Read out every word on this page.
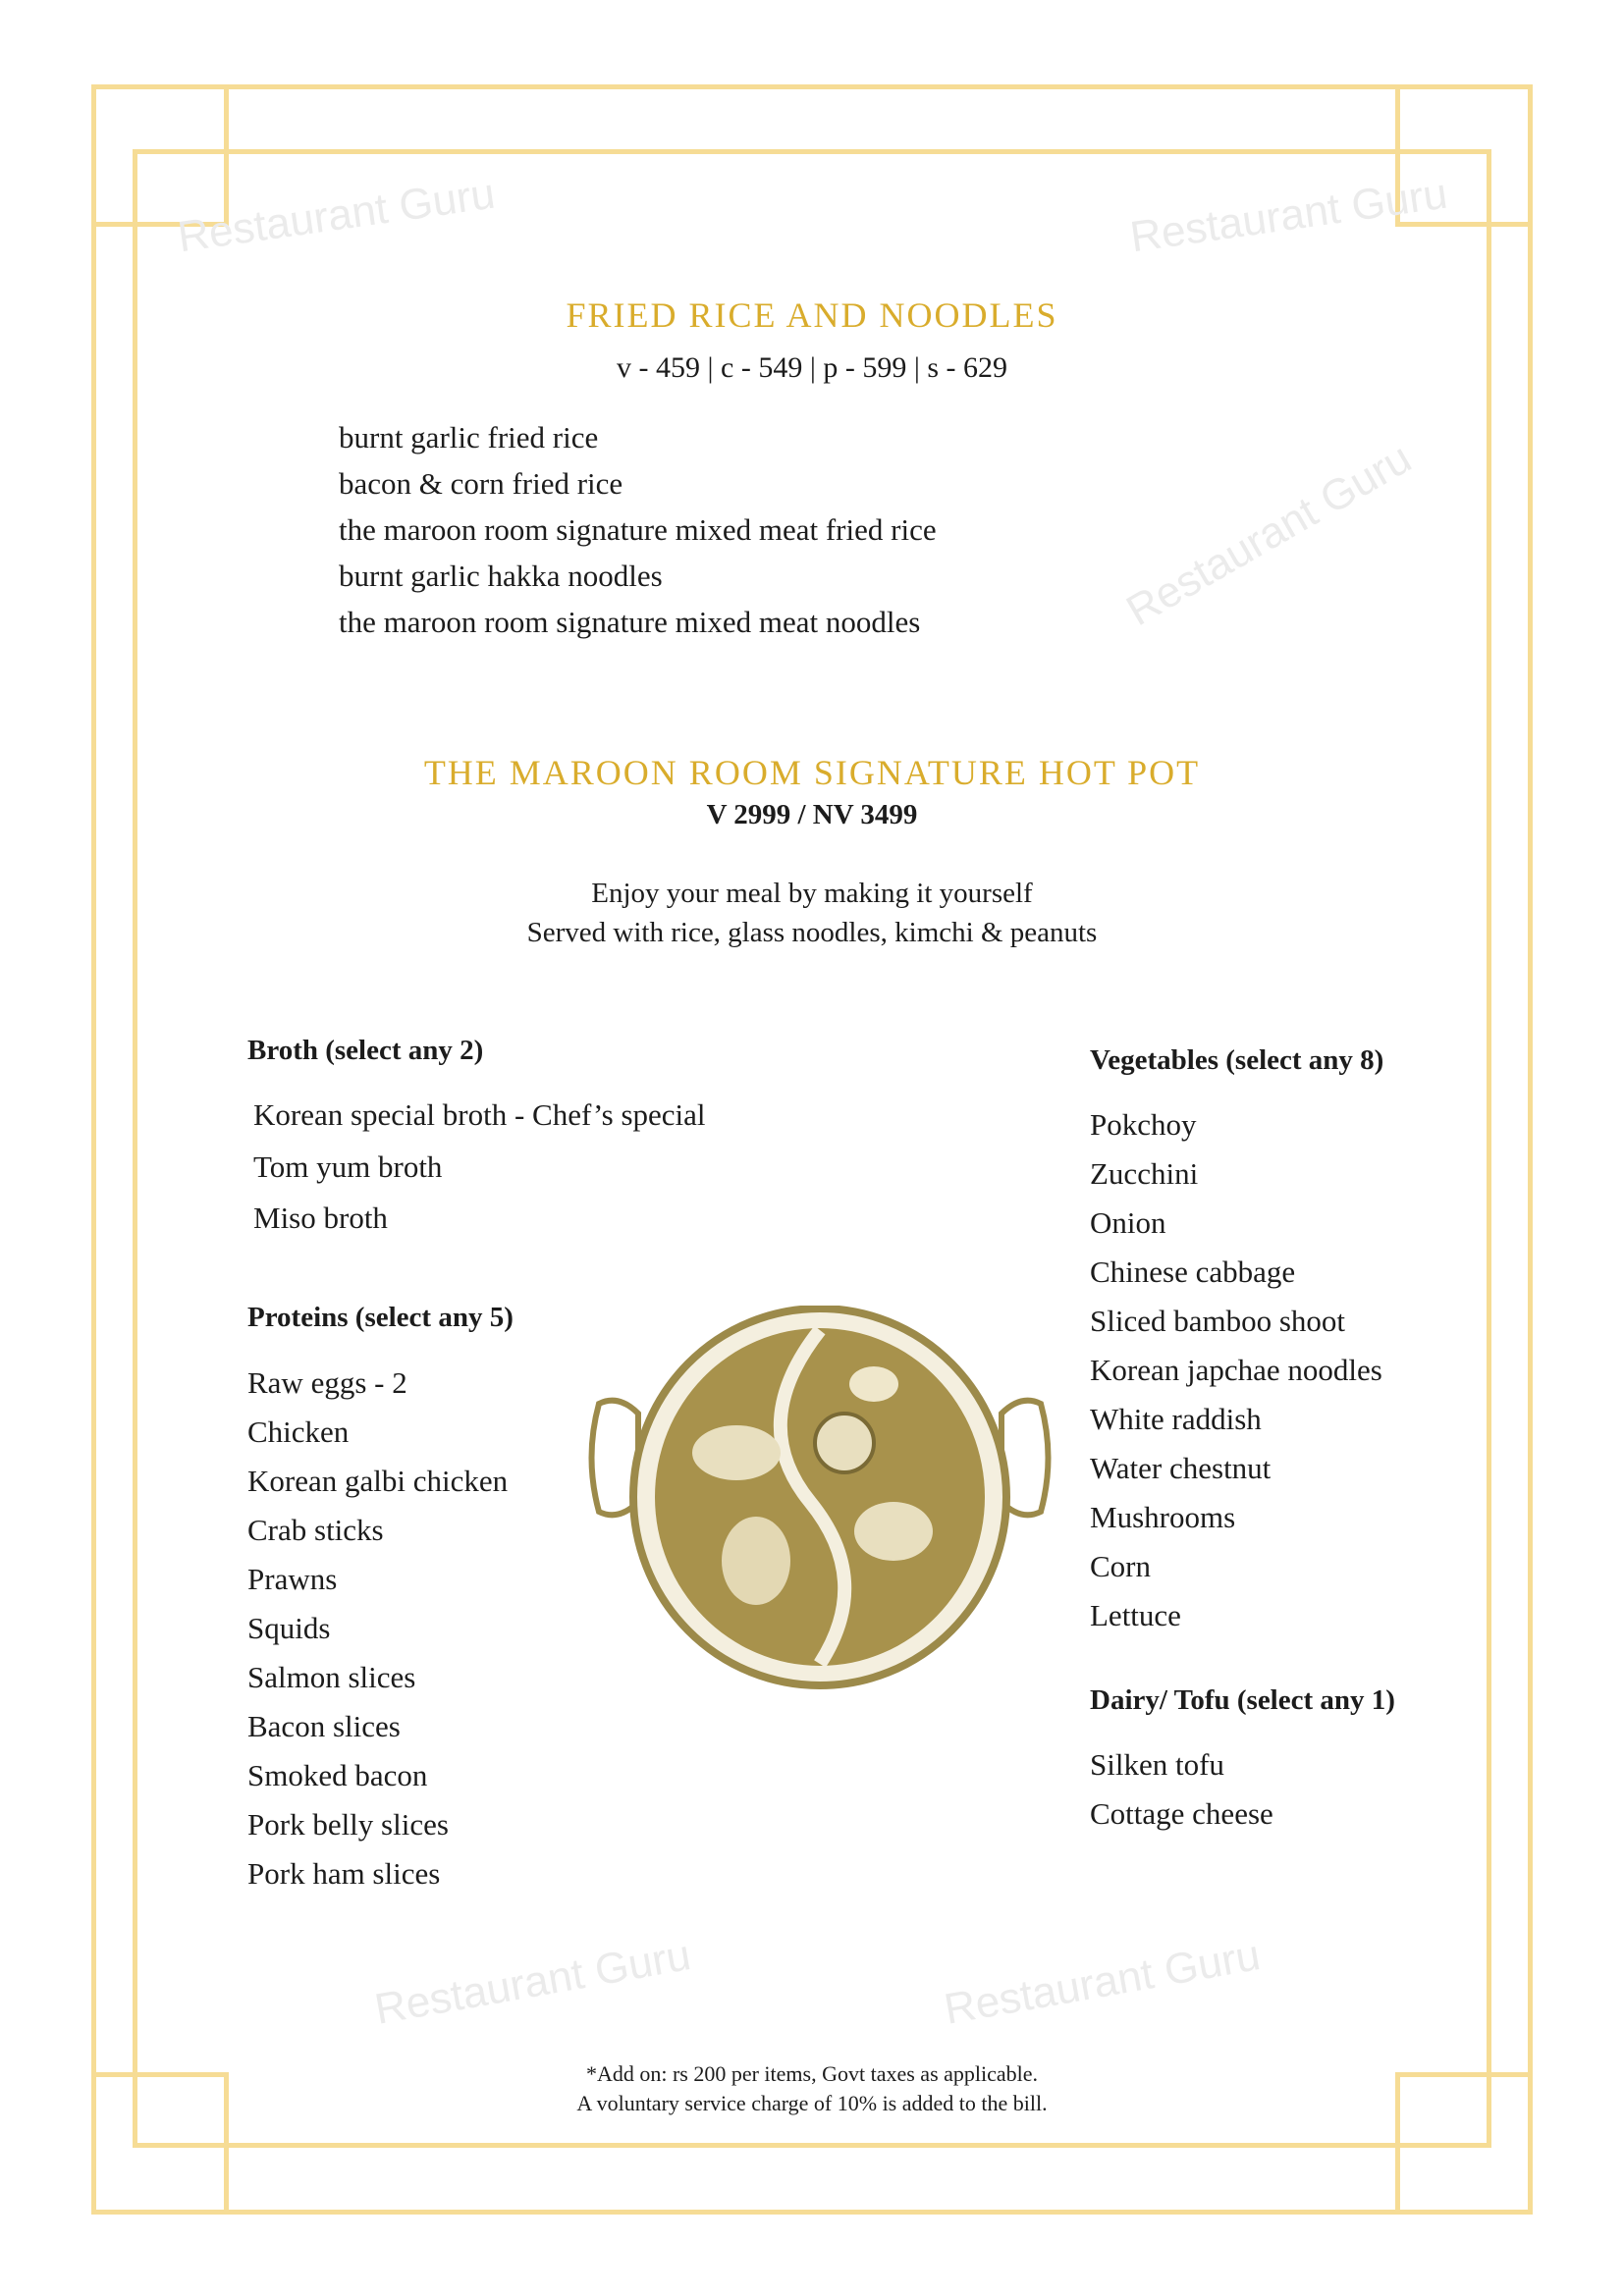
Restaurant Guru	Restaurant Guru
Restaurant Guru
Restaurant Guru	Restaurant Guru
FRIED RICE AND NOODLES
v - 459 | c - 549 | p - 599 | s - 629
burnt garlic fried rice
bacon & corn fried rice
the maroon room signature mixed meat fried rice
burnt garlic hakka noodles
the maroon room signature mixed meat noodles
THE MAROON ROOM SIGNATURE HOT POT
V 2999 / NV 3499
Enjoy your meal by making it yourself
Served with rice, glass noodles, kimchi & peanuts
Broth (select any 2)
Korean special broth - Chef’s special
Tom yum broth
Miso broth
Proteins (select any 5)
Raw eggs - 2
Chicken
Korean galbi chicken
Crab sticks
Prawns
Squids
Salmon slices
Bacon slices
Smoked bacon
Pork belly slices
Pork ham slices
Vegetables (select any 8)
Pokchoy
Zucchini
Onion
Chinese cabbage
Sliced bamboo shoot
Korean japchae noodles
White raddish
Water chestnut
Mushrooms
Corn
Lettuce
Dairy/ Tofu (select any 1)
Silken tofu
Cottage cheese
*Add on: rs 200 per items, Govt taxes as applicable.
A voluntary service charge of 10% is added to the bill.
